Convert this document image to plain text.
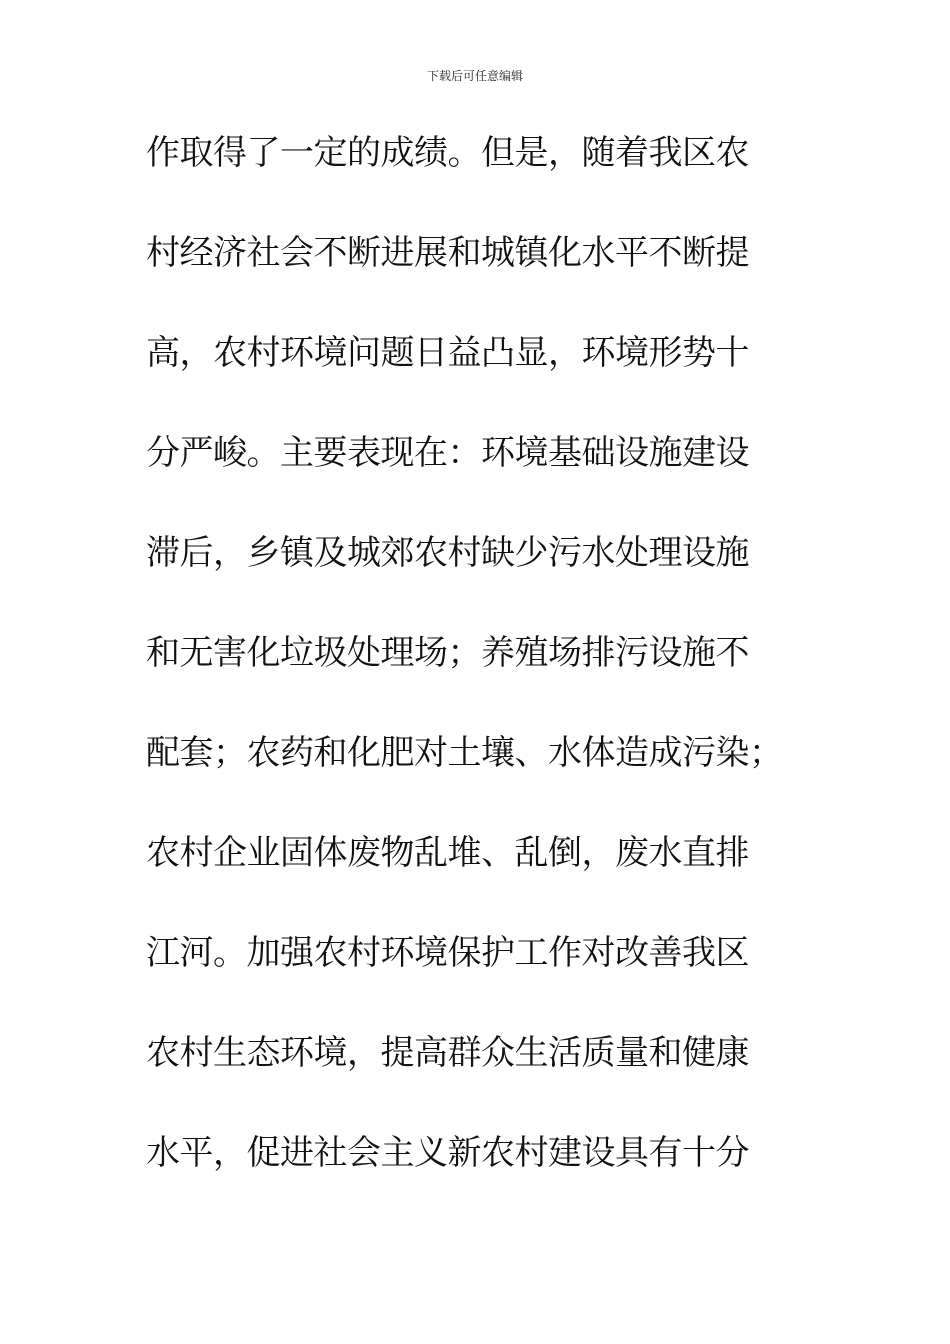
下载后可任意编辑
作取得了一定的成绩。但是，随着我区农
村经济社会不断进展和城镇化水平不断提
高，农村环境问题日益凸显，环境形势十
分严峻。主要表现在：环境基础设施建设
滞后，乡镇及城郊农村缺少污水处理设施
和无害化垃圾处理场；养殖场排污设施不
配套；农药和化肥对土壤、水体造成污染；
农村企业固体废物乱堆、乱倒，废水直排
江河。加强农村环境保护工作对改善我区
农村生态环境，提高群众生活质量和健康
水平，促进社会主义新农村建设具有十分
